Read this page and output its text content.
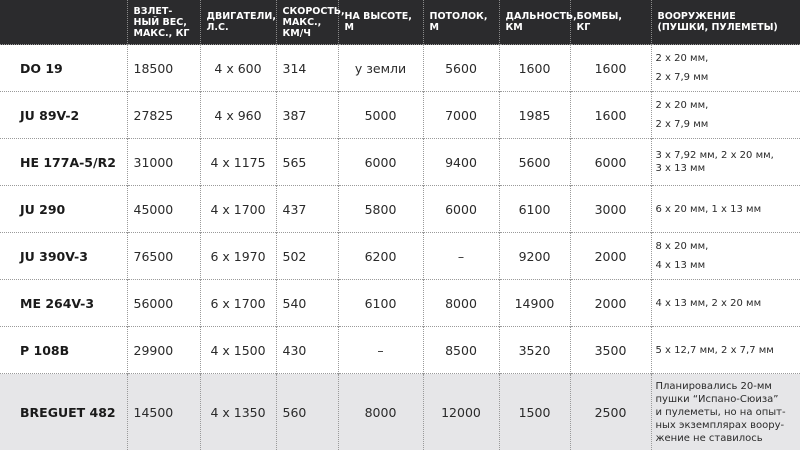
	ВЗЛЕТ-
НЫЙ ВЕС,
МАКС., КГ	ДВИГАТЕЛИ,
Л.С.	СКОРОСТЬ,
МАКС.,
КМ/Ч	НА ВЫСОТЕ,
М	ПОТОЛОК,
М	ДАЛЬНОСТЬ,
КМ	БОМБЫ,
КГ	ВООРУЖЕНИЕ
(ПУШКИ, ПУЛЕМЕТЫ)
DO 19	18500	4 x 600	314	у земли	5600	1600	1600	2 x 20 мм,
2 x 7,9 мм
JU 89V-2	27825	4 x 960	387	5000	7000	1985	1600	2 x 20 мм,
2 x 7,9 мм
HE 177A-5/R2	31000	4 x 1175	565	6000	9400	5600	6000	3 x 7,92 мм, 2 x 20 мм,
3 x 13 мм
JU 290	45000	4 x 1700	437	5800	6000	6100	3000	6 x 20 мм, 1 x 13 мм
JU 390V-3	76500	6 x 1970	502	6200	–	9200	2000	8 x 20 мм,
4 x 13 мм
ME 264V-3	56000	6 x 1700	540	6100	8000	14900	2000	4 x 13 мм, 2 x 20 мм
P 108B	29900	4 x 1500	430	–	8500	3520	3500	5 x 12,7 мм, 2 x 7,7 мм
BREGUET 482	14500	4 x 1350	560	8000	12000	1500	2500	Планировались 20-мм
пушки “Испано-Сюиза”
и пулеметы, но на опыт-
ных экземплярах воору-
жение не ставилось
